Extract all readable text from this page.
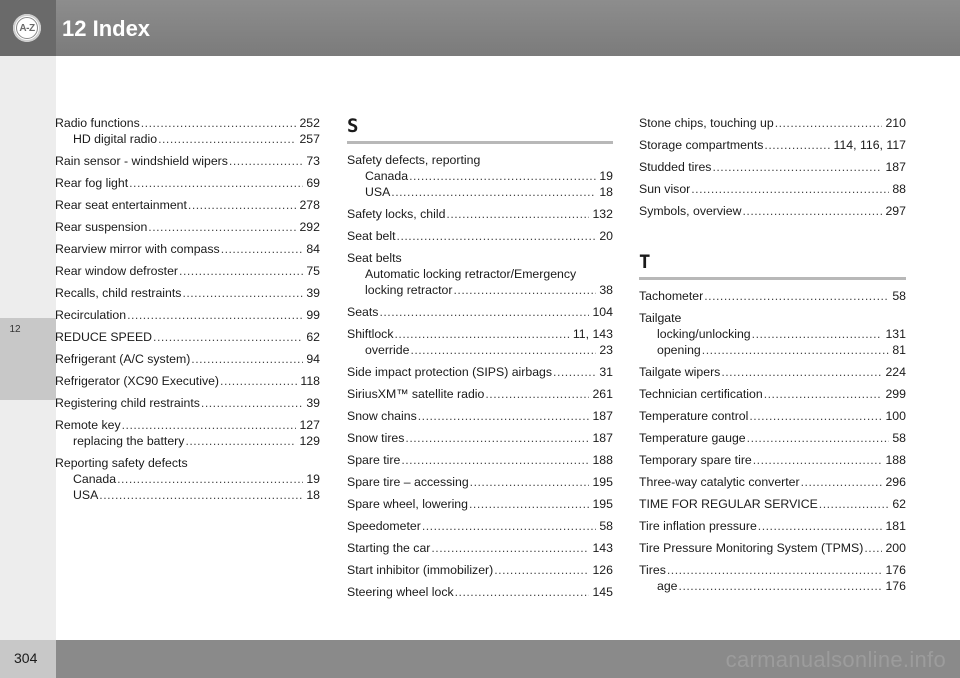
A-Z 12 Index
12
Radio functions .....	252
HD digital radio .....	257
Rain sensor - windshield wipers .....	73
Rear fog light .....	69
Rear seat entertainment .....	278
Rear suspension .....	292
Rearview mirror with compass .....	84
Rear window defroster .....	75
Recalls, child restraints .....	39
Recirculation .....	99
REDUCE SPEED .....	62
Refrigerant (A/C system) .....	94
Refrigerator (XC90 Executive) .....	118
Registering child restraints .....	39
Remote key .....	127
replacing the battery .....	129
Reporting safety defects
Canada .....	19
USA .....	18
S
Safety defects, reporting
Canada .....	19
USA .....	18
Safety locks, child .....	132
Seat belt .....	20
Seat belts
Automatic locking retractor/Emergency
locking retractor .....	38
Seats .....	104
Shiftlock .....	11, 143
override .....	23
Side impact protection (SIPS) airbags .....	31
SiriusXM™ satellite radio .....	261
Snow chains .....	187
Snow tires .....	187
Spare tire .....	188
Spare tire – accessing .....	195
Spare wheel, lowering .....	195
Speedometer .....	58
Starting the car .....	143
Start inhibitor (immobilizer) .....	126
Steering wheel lock .....	145
Stone chips, touching up .....	210
Storage compartments .....	114, 116, 117
Studded tires .....	187
Sun visor .....	88
Symbols, overview .....	297
T
Tachometer .....	58
Tailgate
locking/unlocking .....	131
opening .....	81
Tailgate wipers .....	224
Technician certification .....	299
Temperature control .....	100
Temperature gauge .....	58
Temporary spare tire .....	188
Three-way catalytic converter .....	296
TIME FOR REGULAR SERVICE .....	62
Tire inflation pressure .....	181
Tire Pressure Monitoring System (TPMS) ..... 200
Tires .....	176
age .....	176
304	carmanualsonline.info
